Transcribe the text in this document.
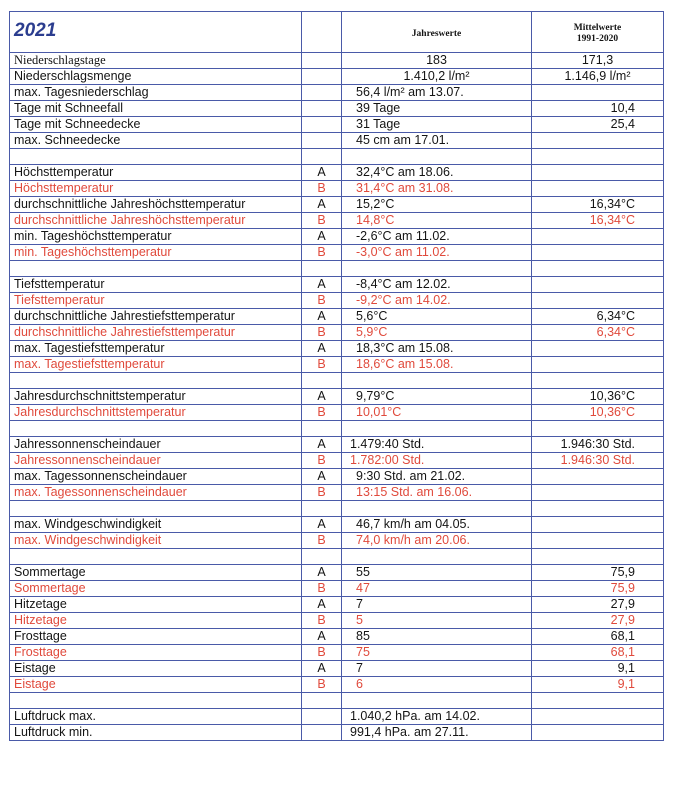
2021		Jahreswerte	Mittelwerte
1991-2020
Niederschlagstage		183	171,3
Niederschlagsmenge		1.410,2 l/m²	1.146,9 l/m²
max. Tagesniederschlag		56,4 l/m² am 13.07.	
Tage mit Schneefall		39 Tage	10,4
Tage mit Schneedecke		31 Tage	25,4
max. Schneedecke		45 cm am 17.01.	

Höchsttemperatur	A	32,4°C am 18.06.	
Höchsttemperatur	B	31,4°C am 31.08.	
durchschnittliche Jahreshöchsttemperatur	A	15,2°C	16,34°C
durchschnittliche Jahreshöchsttemperatur	B	14,8°C	16,34°C
min. Tageshöchsttemperatur	A	-2,6°C am 11.02.	
min. Tageshöchsttemperatur	B	-3,0°C am 11.02.	

Tiefsttemperatur	A	-8,4°C am 12.02.	
Tiefsttemperatur	B	-9,2°C am 14.02.	
durchschnittliche Jahrestiefsttemperatur	A	5,6°C	6,34°C
durchschnittliche Jahrestiefsttemperatur	B	5,9°C	6,34°C
max. Tagestiefsttemperatur	A	18,3°C am 15.08.	
max. Tagestiefsttemperatur	B	18,6°C am 15.08.	

Jahresdurchschnittstemperatur	A	9,79°C	10,36°C
Jahresdurchschnittstemperatur	B	10,01°C	10,36°C

Jahressonnenscheindauer	A	1.479:40 Std.	1.946:30 Std.
Jahressonnenscheindauer	B	1.782:00 Std.	1.946:30 Std.
max. Tagessonnenscheindauer	A	9:30 Std. am 21.02.	
max. Tagessonnenscheindauer	B	13:15 Std. am 16.06.	

max. Windgeschwindigkeit	A	46,7 km/h am 04.05.	
max. Windgeschwindigkeit	B	74,0 km/h am 20.06.	

Sommertage	A	55	75,9
Sommertage	B	47	75,9
Hitzetage	A	7	27,9
Hitzetage	B	5	27,9
Frosttage	A	85	68,1
Frosttage	B	75	68,1
Eistage	A	7	9,1
Eistage	B	6	9,1

Luftdruck max.		1.040,2 hPa. am 14.02.	
Luftdruck min.		991,4 hPa. am 27.11.	
